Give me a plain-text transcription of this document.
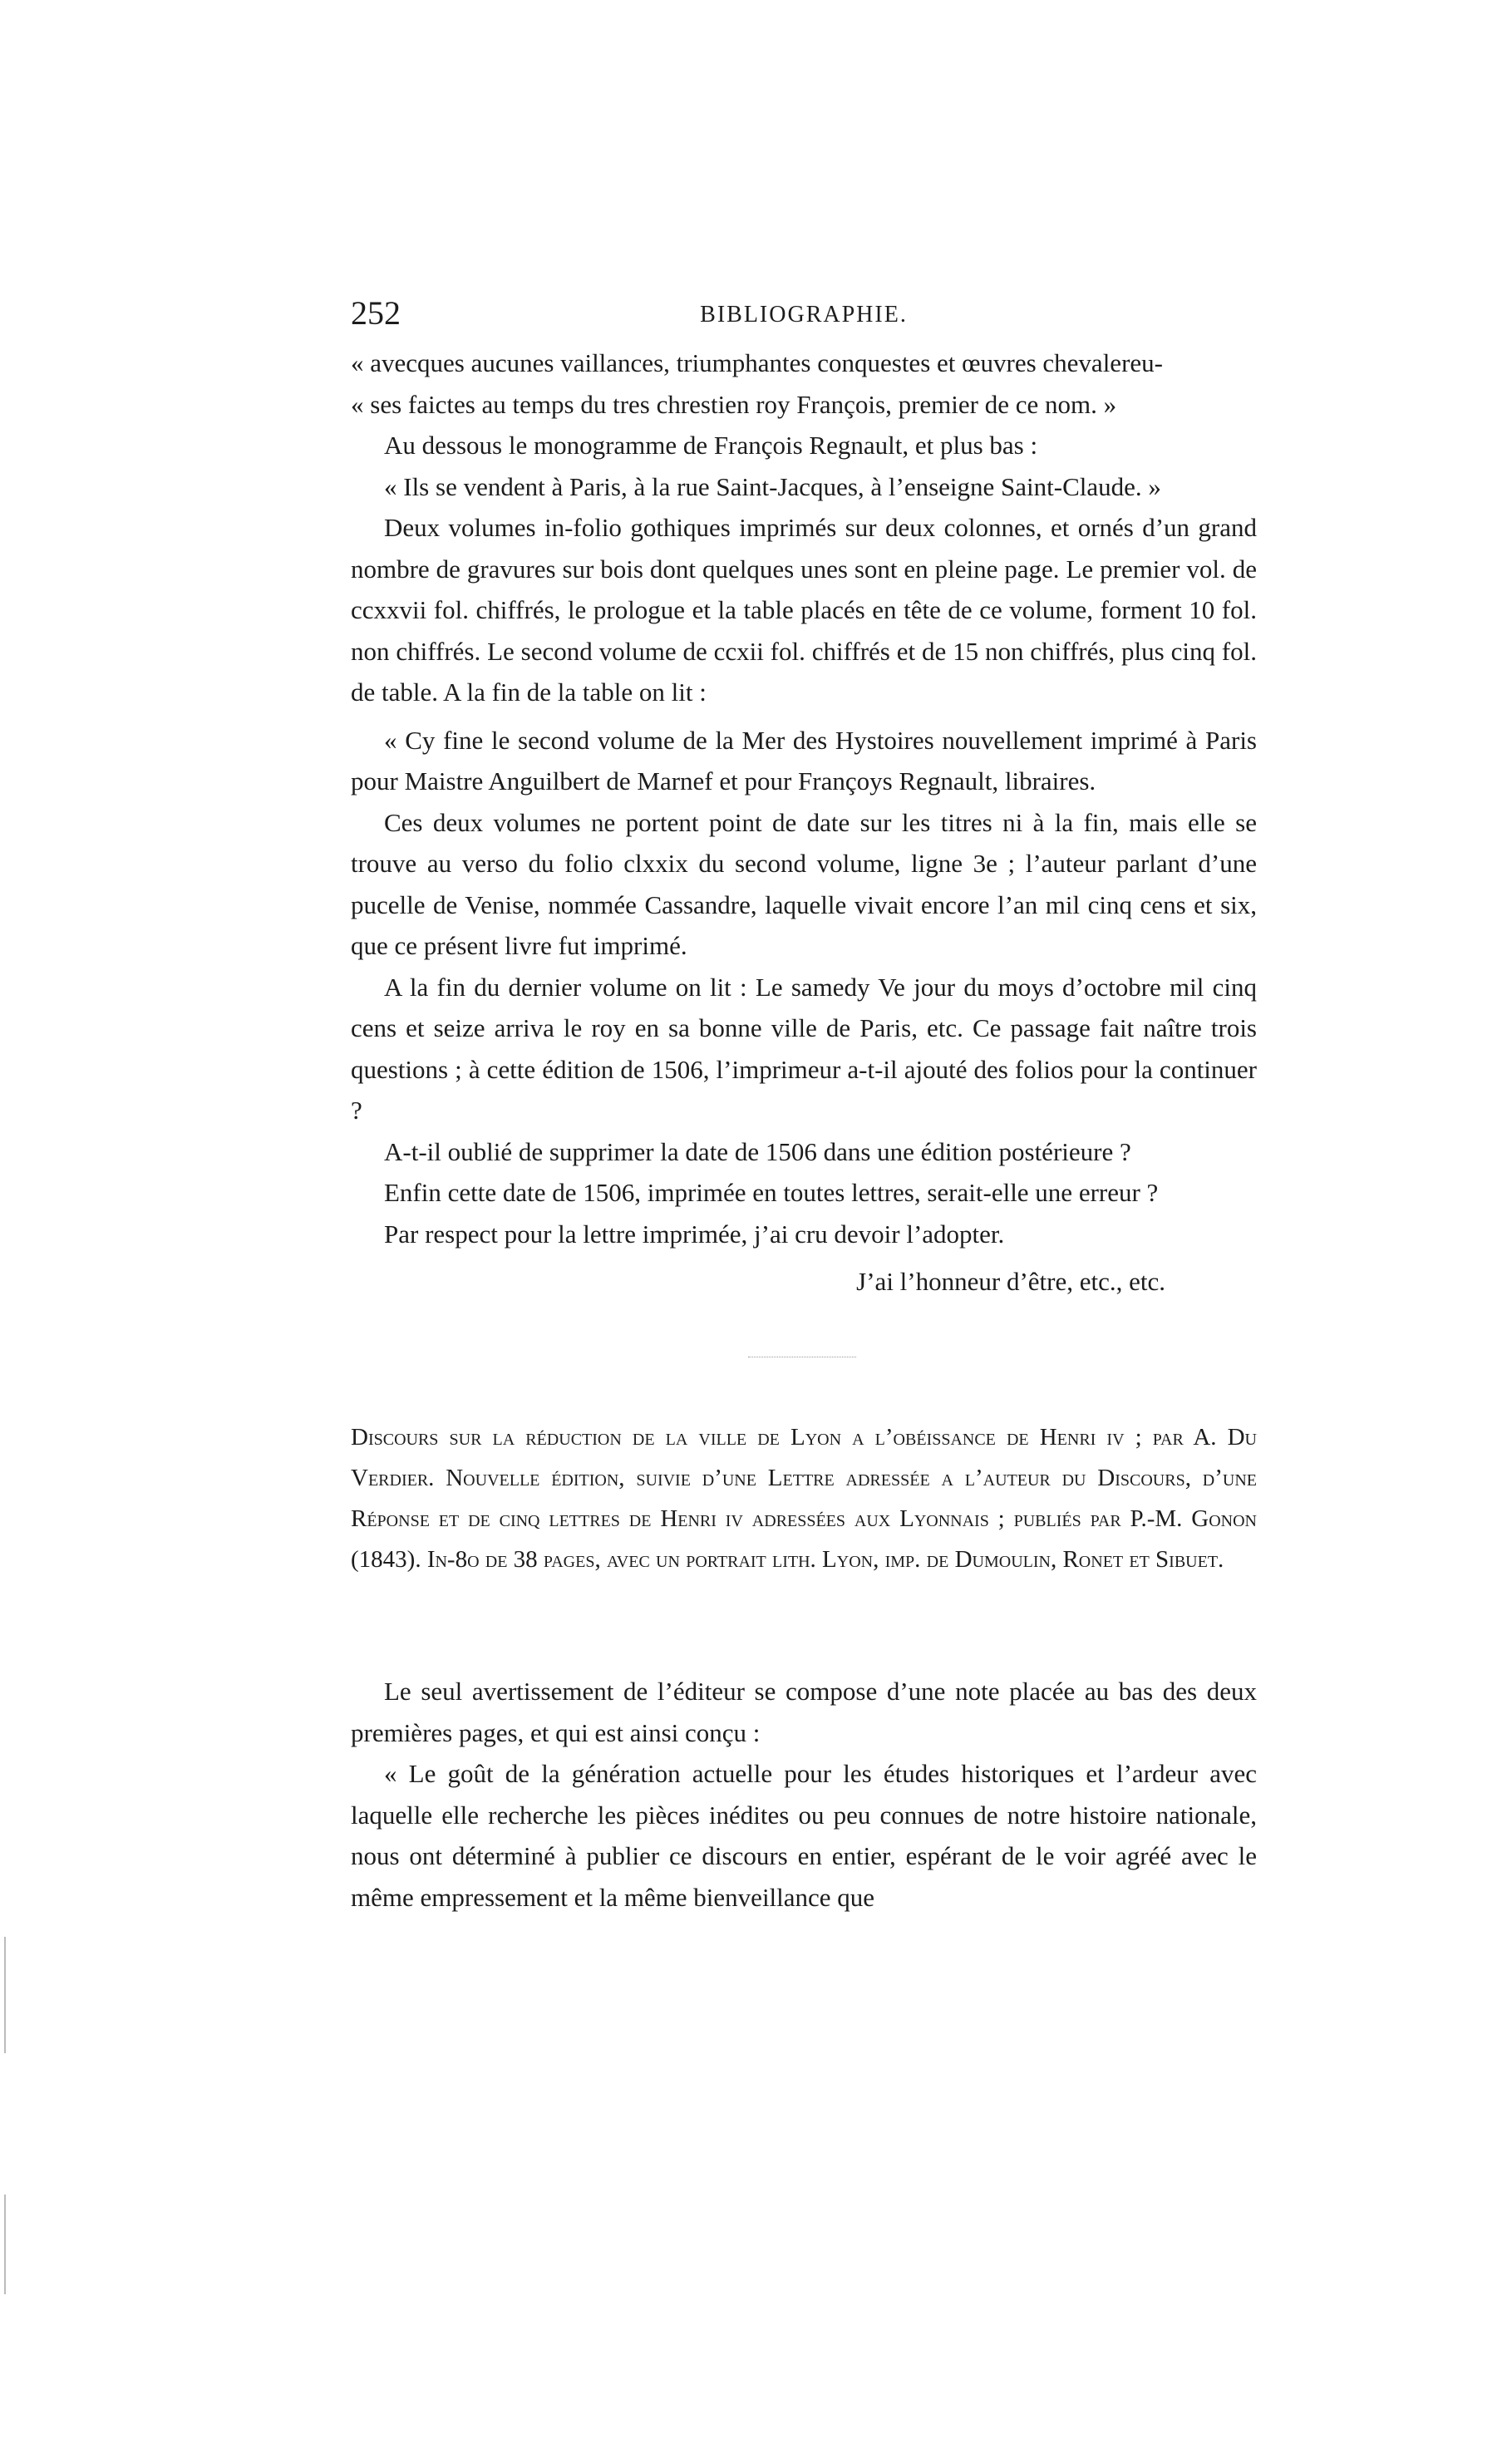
252	BIBLIOGRAPHIE.

« avecques aucunes vaillances, triumphantes conquestes et œuvres chevalereu-

« ses faictes au temps du tres chrestien roy François, premier de ce nom. »

Au dessous le monogramme de François Regnault, et plus bas :

« Ils se vendent à Paris, à la rue Saint-Jacques, à l’enseigne Saint-Claude. »

Deux volumes in-folio gothiques imprimés sur deux colonnes, et ornés d’un grand nombre de gravures sur bois dont quelques unes sont en pleine page. Le premier vol. de ccxxvii fol. chiffrés, le prologue et la table placés en tête de ce volume, forment 10 fol. non chiffrés. Le second volume de ccxii fol. chiffrés et de 15 non chiffrés, plus cinq fol. de table. A la fin de la table on lit :

« Cy fine le second volume de la Mer des Hystoires nouvellement imprimé à Paris pour Maistre Anguilbert de Marnef et pour Françoys Regnault, libraires.

Ces deux volumes ne portent point de date sur les titres ni à la fin, mais elle se trouve au verso du folio clxxix du second volume, ligne 3e ; l’auteur parlant d’une pucelle de Venise, nommée Cassandre, laquelle vivait encore l’an mil cinq cens et six, que ce présent livre fut imprimé.

A la fin du dernier volume on lit : Le samedy Ve jour du moys d’octobre mil cinq cens et seize arriva le roy en sa bonne ville de Paris, etc. Ce passage fait naître trois questions ; à cette édition de 1506, l’imprimeur a-t-il ajouté des folios pour la continuer ?

A-t-il oublié de supprimer la date de 1506 dans une édition postérieure ?

Enfin cette date de 1506, imprimée en toutes lettres, serait-elle une erreur ?

Par respect pour la lettre imprimée, j’ai cru devoir l’adopter.

J’ai l’honneur d’être, etc., etc.

Discours sur la réduction de la ville de Lyon a l’obéissance de Henri iv ; par A. Du Verdier. Nouvelle édition, suivie d’une Lettre adressée a l’auteur du Discours, d’une Réponse et de cinq lettres de Henri iv adressées aux Lyonnais ; publiés par P.-M. Gonon (1843). In-8o de 38 pages, avec un portrait lith. Lyon, imp. de Dumoulin, Ronet et Sibuet.

Le seul avertissement de l’éditeur se compose d’une note placée au bas des deux premières pages, et qui est ainsi conçu :

« Le goût de la génération actuelle pour les études historiques et l’ardeur avec laquelle elle recherche les pièces inédites ou peu connues de notre histoire nationale, nous ont déterminé à publier ce discours en entier, espérant de le voir agréé avec le même empressement et la même bienveillance que
